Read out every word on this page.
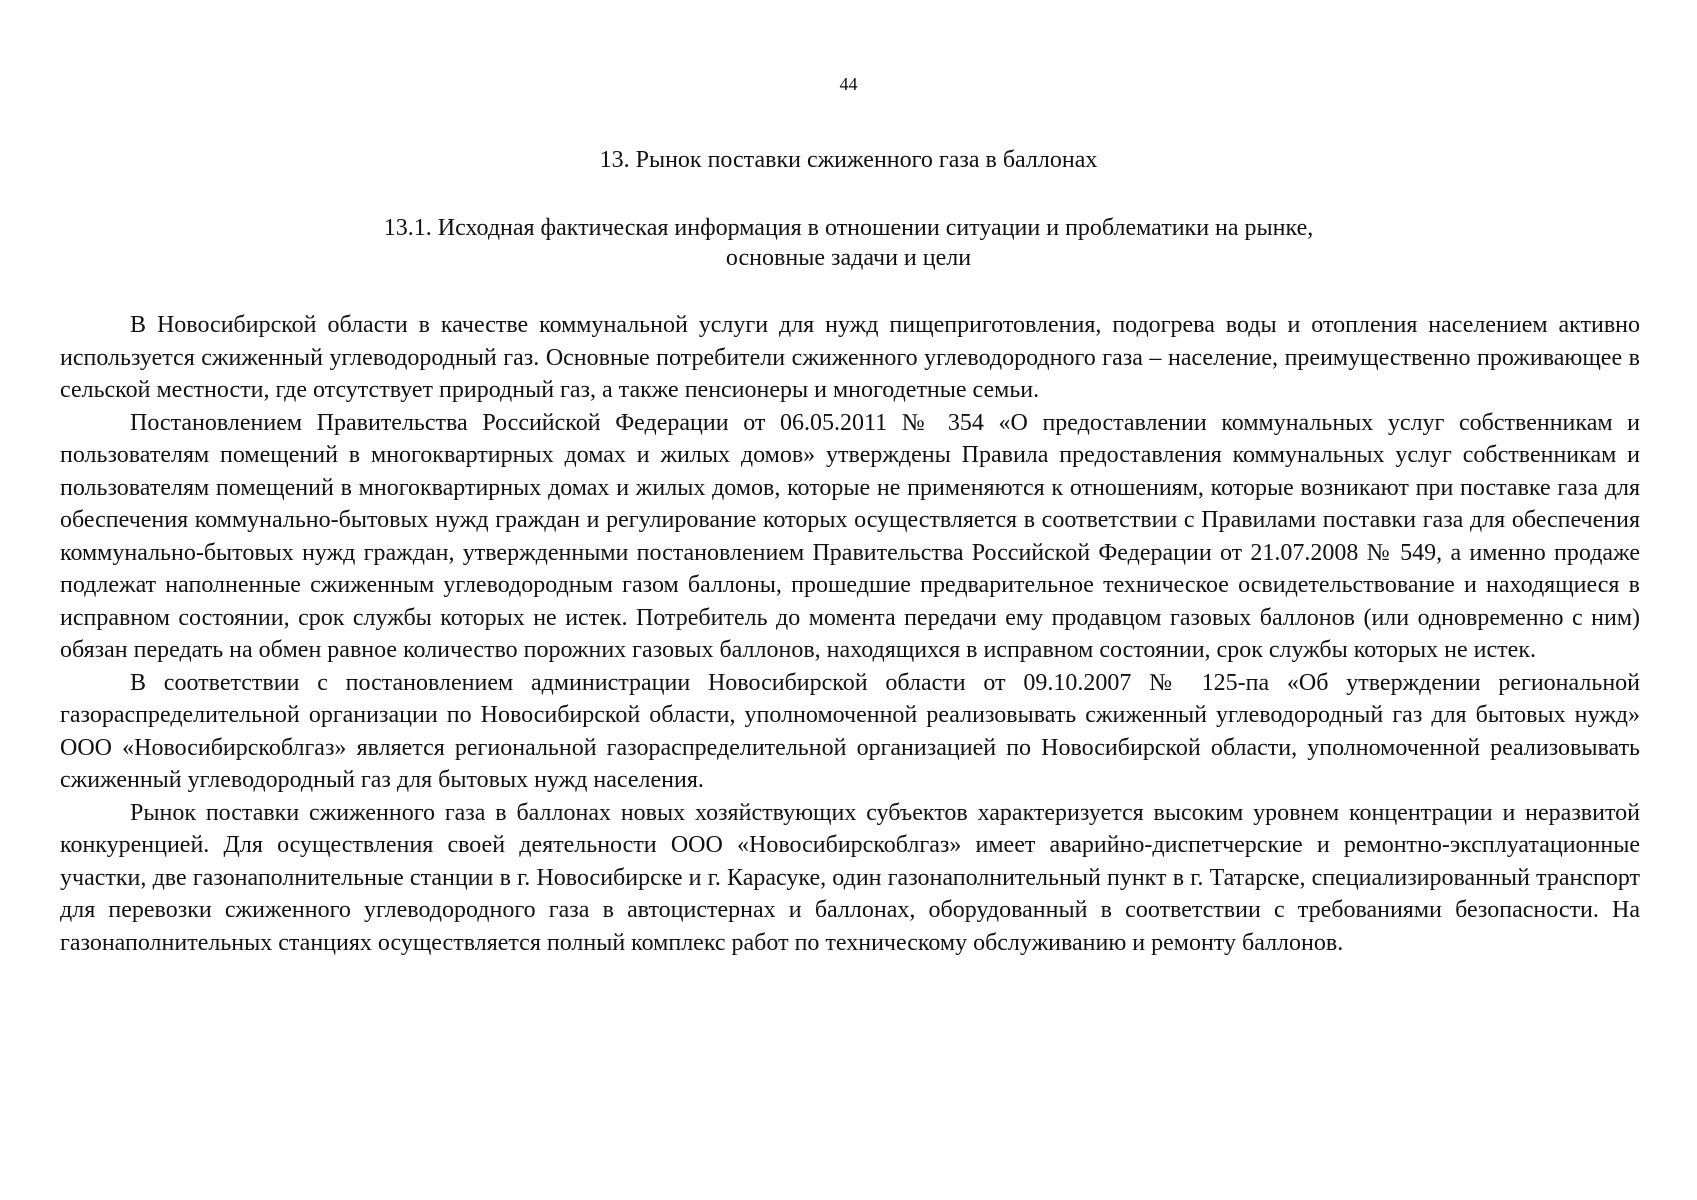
44
13. Рынок поставки сжиженного газа в баллонах
13.1. Исходная фактическая информация в отношении ситуации и проблематики на рынке,
основные задачи и цели

В Новосибирской области в качестве коммунальной услуги для нужд пищеприготовления, подогрева воды и отопления населением активно используется сжиженный углеводородный газ. Основные потребители сжиженного углеводородного газа – население, преимущественно проживающее в сельской местности, где отсутствует природный газ, а также пенсионеры и многодетные семьи.

Постановлением Правительства Российской Федерации от 06.05.2011 № 354 «О предоставлении коммунальных услуг собственникам и пользователям помещений в многоквартирных домах и жилых домов» утверждены Правила предоставления коммунальных услуг собственникам и пользователям помещений в многоквартирных домах и жилых домов, которые не применяются к отношениям, которые возникают при поставке газа для обеспечения коммунально-бытовых нужд граждан и регулирование которых осуществляется в соответствии с Правилами поставки газа для обеспечения коммунально-бытовых нужд граждан, утвержденными постановлением Правительства Российской Федерации от 21.07.2008 № 549, а именно продаже подлежат наполненные сжиженным углеводородным газом баллоны, прошедшие предварительное техническое освидетельствование и находящиеся в исправном состоянии, срок службы которых не истек. Потребитель до момента передачи ему продавцом газовых баллонов (или одновременно с ним) обязан передать на обмен равное количество порожних газовых баллонов, находящихся в исправном состоянии, срок службы которых не истек.

В соответствии с постановлением администрации Новосибирской области от 09.10.2007 № 125-па «Об утверждении региональной газораспределительной организации по Новосибирской области, уполномоченной реализовывать сжиженный углеводородный газ для бытовых нужд» ООО «Новосибирскоблгаз» является региональной газораспределительной организацией по Новосибирской области, уполномоченной реализовывать сжиженный углеводородный газ для бытовых нужд населения.

Рынок поставки сжиженного газа в баллонах новых хозяйствующих субъектов характеризуется высоким уровнем концентрации и неразвитой конкуренцией. Для осуществления своей деятельности ООО «Новосибирскоблгаз» имеет аварийно-диспетчерские и ремонтно-эксплуатационные участки, две газонаполнительные станции в г. Новосибирске и г. Карасуке, один газонаполнительный пункт в г. Татарске, специализированный транспорт для перевозки сжиженного углеводородного газа в автоцистернах и баллонах, оборудованный в соответствии с требованиями безопасности. На газонаполнительных станциях осуществляется полный комплекс работ по техническому обслуживанию и ремонту баллонов.
